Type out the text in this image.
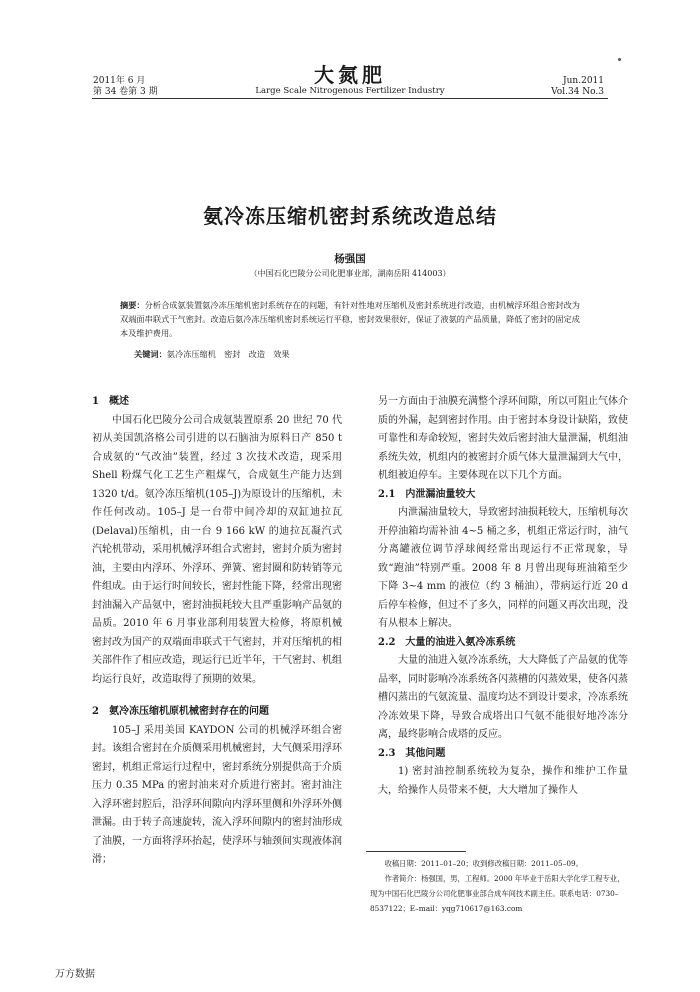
2011年 6 月
第 34 卷第 3 期
大氮肥
Large Scale Nitrogenous Fertilizer Industry
Jun.2011
Vol.34 No.3
氨冷冻压缩机密封系统改造总结
杨强国
（中国石化巴陵分公司化肥事业部，湖南岳阳 414003）
摘要：分析合成氨装置氨冷冻压缩机密封系统存在的问题，有针对性地对压缩机及密封系统进行改造，由机械浮环组合密封改为双端面串联式干气密封。改造后氨冷冻压缩机密封系统运行平稳，密封效果很好，保证了液氨的产品质量，降低了密封的固定成本及维护费用。
关键词：氨冷冻压缩机　密封　改造　效果
1　概述

中国石化巴陵分公司合成氨装置原系 20 世纪 70 代初从美国凯洛格公司引进的以石脑油为原料日产 850 t 合成氨的“气改油”装置，经过 3 次技术改造，现采用 Shell 粉煤气化工艺生产粗煤气，合成氨生产能力达到 1320 t/d。氨冷冻压缩机(105–J)为原设计的压缩机，未作任何改动。105–J 是一台带中间冷却的双缸迪拉瓦(Delaval)压缩机，由一台 9 166 kW 的迪拉瓦凝汽式汽轮机带动，采用机械浮环组合式密封，密封介质为密封油，主要由内浮环、外浮环、弹簧、密封圈和防转销等元件组成。由于运行时间较长，密封性能下降，经常出现密封油漏入产品氨中，密封油损耗较大且严重影响产品氨的品质。2010 年 6 月事业部利用装置大检修，将原机械密封改为国产的双端面串联式干气密封，并对压缩机的相关部件作了相应改造，现运行已近半年，干气密封、机组均运行良好，改造取得了预期的效果。

2　氨冷冻压缩机原机械密封存在的问题

105–J 采用美国 KAYDON 公司的机械浮环组合密封。该组合密封在介质侧采用机械密封，大气侧采用浮环密封，机组正常运行过程中，密封系统分别提供高于介质压力 0.35 MPa 的密封油来对介质进行密封。密封油注入浮环密封腔后，沿浮环间隙向内浮环里侧和外浮环外侧泄漏。由于转子高速旋转，流入浮环间隙内的密封油形成了油膜，一方面将浮环抬起，使浮环与轴颈间实现液体润滑；

另一方面由于油膜充满整个浮环间隙，所以可阻止气体介质的外漏，起到密封作用。由于密封本身设计缺陷，致使可靠性和寿命较短，密封失效后密封油大量泄漏，机组油系统失效，机组内的被密封介质气体大量泄漏到大气中，机组被迫停车。主要体现在以下几个方面。

2.1　内泄漏油量较大

内泄漏油量较大，导致密封油损耗较大，压缩机每次开停油箱均需补油 4~5 桶之多，机组正常运行时，油气分离罐液位调节浮球阀经常出现运行不正常现象，导致“跑油”特别严重。2008 年 8 月曾出现每班油箱至少下降 3~4 mm 的液位（约 3 桶油），带病运行近 20 d 后停车检修，但过不了多久，同样的问题又再次出现，没有从根本上解决。

2.2　大量的油进入氨冷冻系统

大量的油进入氨冷冻系统，大大降低了产品氨的优等品率，同时影响冷冻系统各闪蒸槽的闪蒸效果，使各闪蒸槽闪蒸出的气氨流量、温度均达不到设计要求，冷冻系统冷冻效果下降，导致合成塔出口气氨不能很好地冷冻分离，最终影响合成塔的反应。

2.3　其他问题

1) 密封油控制系统较为复杂，操作和维护工作量大，给操作人员带来不便，大大增加了操作人

收稿日期：2011–01–20；收到修改稿日期：2011–05–09。

作者简介：杨强国，男，工程师。2000 年毕业于岳阳大学化学工程专业，现为中国石化巴陵分公司化肥事业部合成车间技术副主任。联系电话：0730–8537122；E–mail：yqg710617@163.com

万方数据
